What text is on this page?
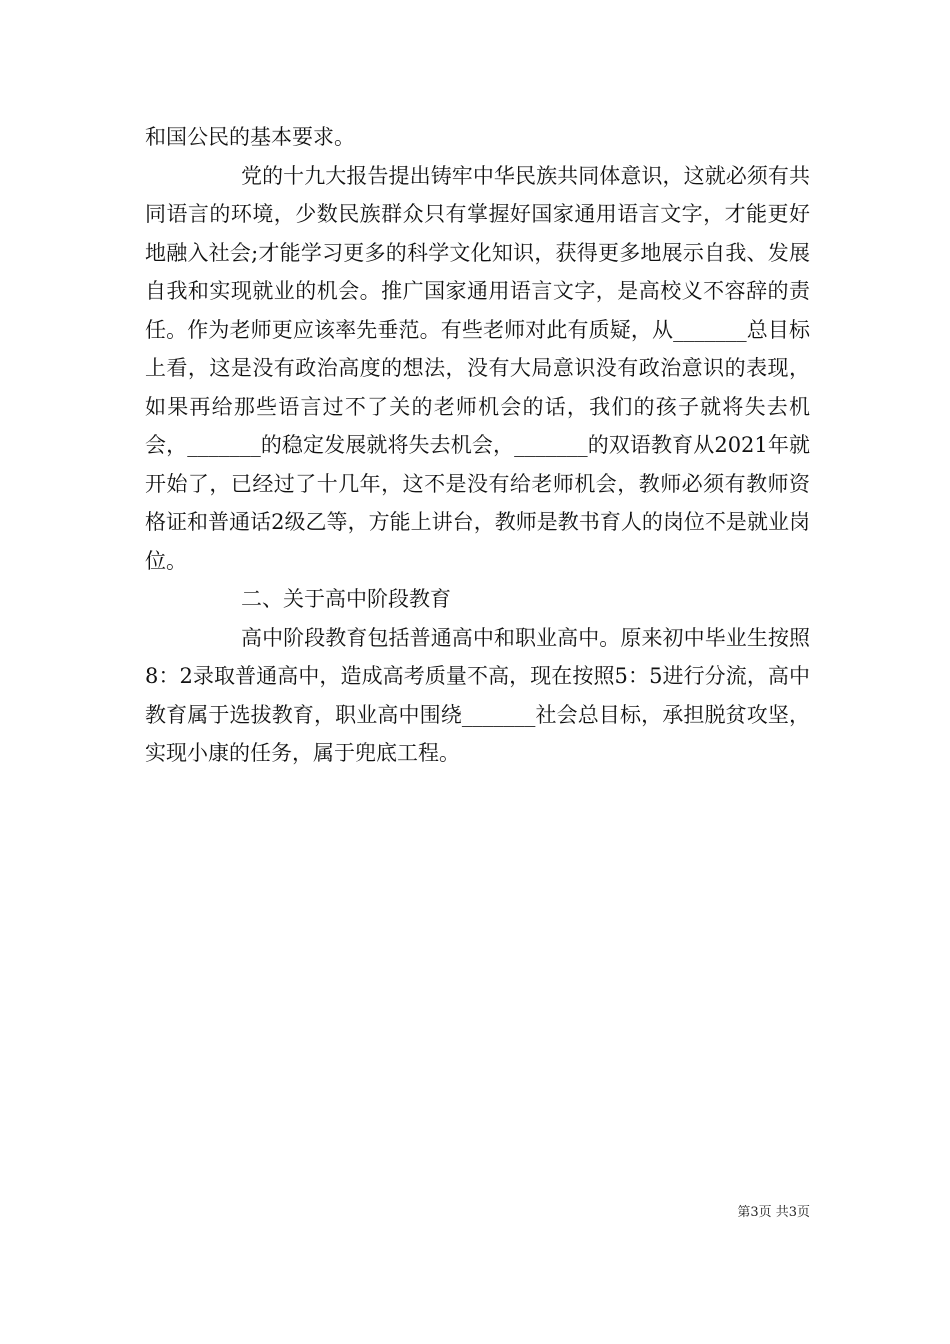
和国公民的基本要求。

党的十九大报告提出铸牢中华民族共同体意识，这就必须有共同语言的环境，少数民族群众只有掌握好国家通用语言文字，才能更好地融入社会;才能学习更多的科学文化知识，获得更多地展示自我、发展自我和实现就业的机会。推广国家通用语言文字，是高校义不容辞的责任。作为老师更应该率先垂范。有些老师对此有质疑，从_______总目标上看，这是没有政治高度的想法，没有大局意识没有政治意识的表现，如果再给那些语言过不了关的老师机会的话，我们的孩子就将失去机会，_______的稳定发展就将失去机会，_______的双语教育从2021年就开始了，已经过了十几年，这不是没有给老师机会，教师必须有教师资格证和普通话2级乙等，方能上讲台，教师是教书育人的岗位不是就业岗位。

二、关于高中阶段教育

高中阶段教育包括普通高中和职业高中。原来初中毕业生按照8：2录取普通高中，造成高考质量不高，现在按照5：5进行分流，高中教育属于选拔教育，职业高中围绕_______社会总目标，承担脱贫攻坚，实现小康的任务，属于兜底工程。

第3页 共3页
